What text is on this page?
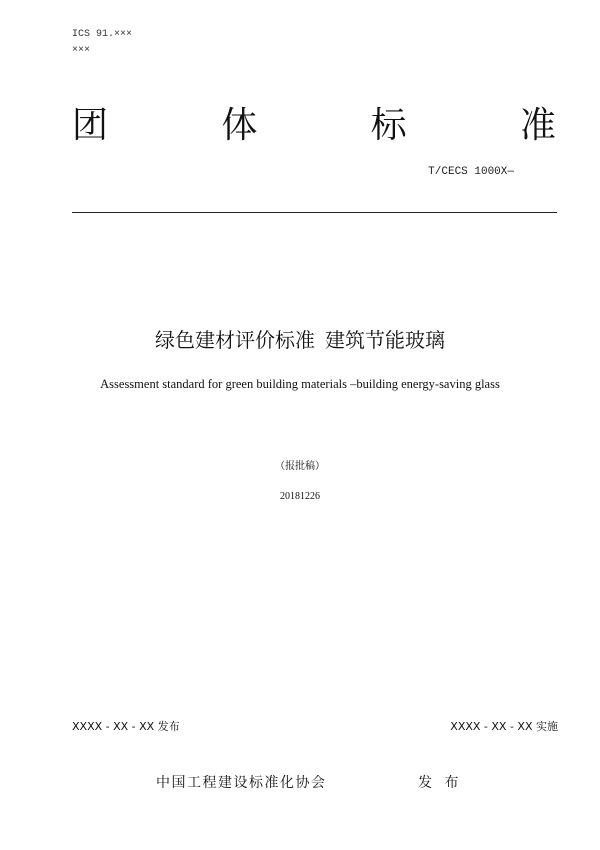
ICS 91.×××
×××
团	体	标	准
T/CECS 1000X—
绿色建材评价标准 建筑节能玻璃
Assessment standard for green building materials –building energy-saving glass
（报批稿）
20181226
XXXX - XX - XX 发布	XXXX - XX - XX 实施
中国工程建设标准化协会	发 布
